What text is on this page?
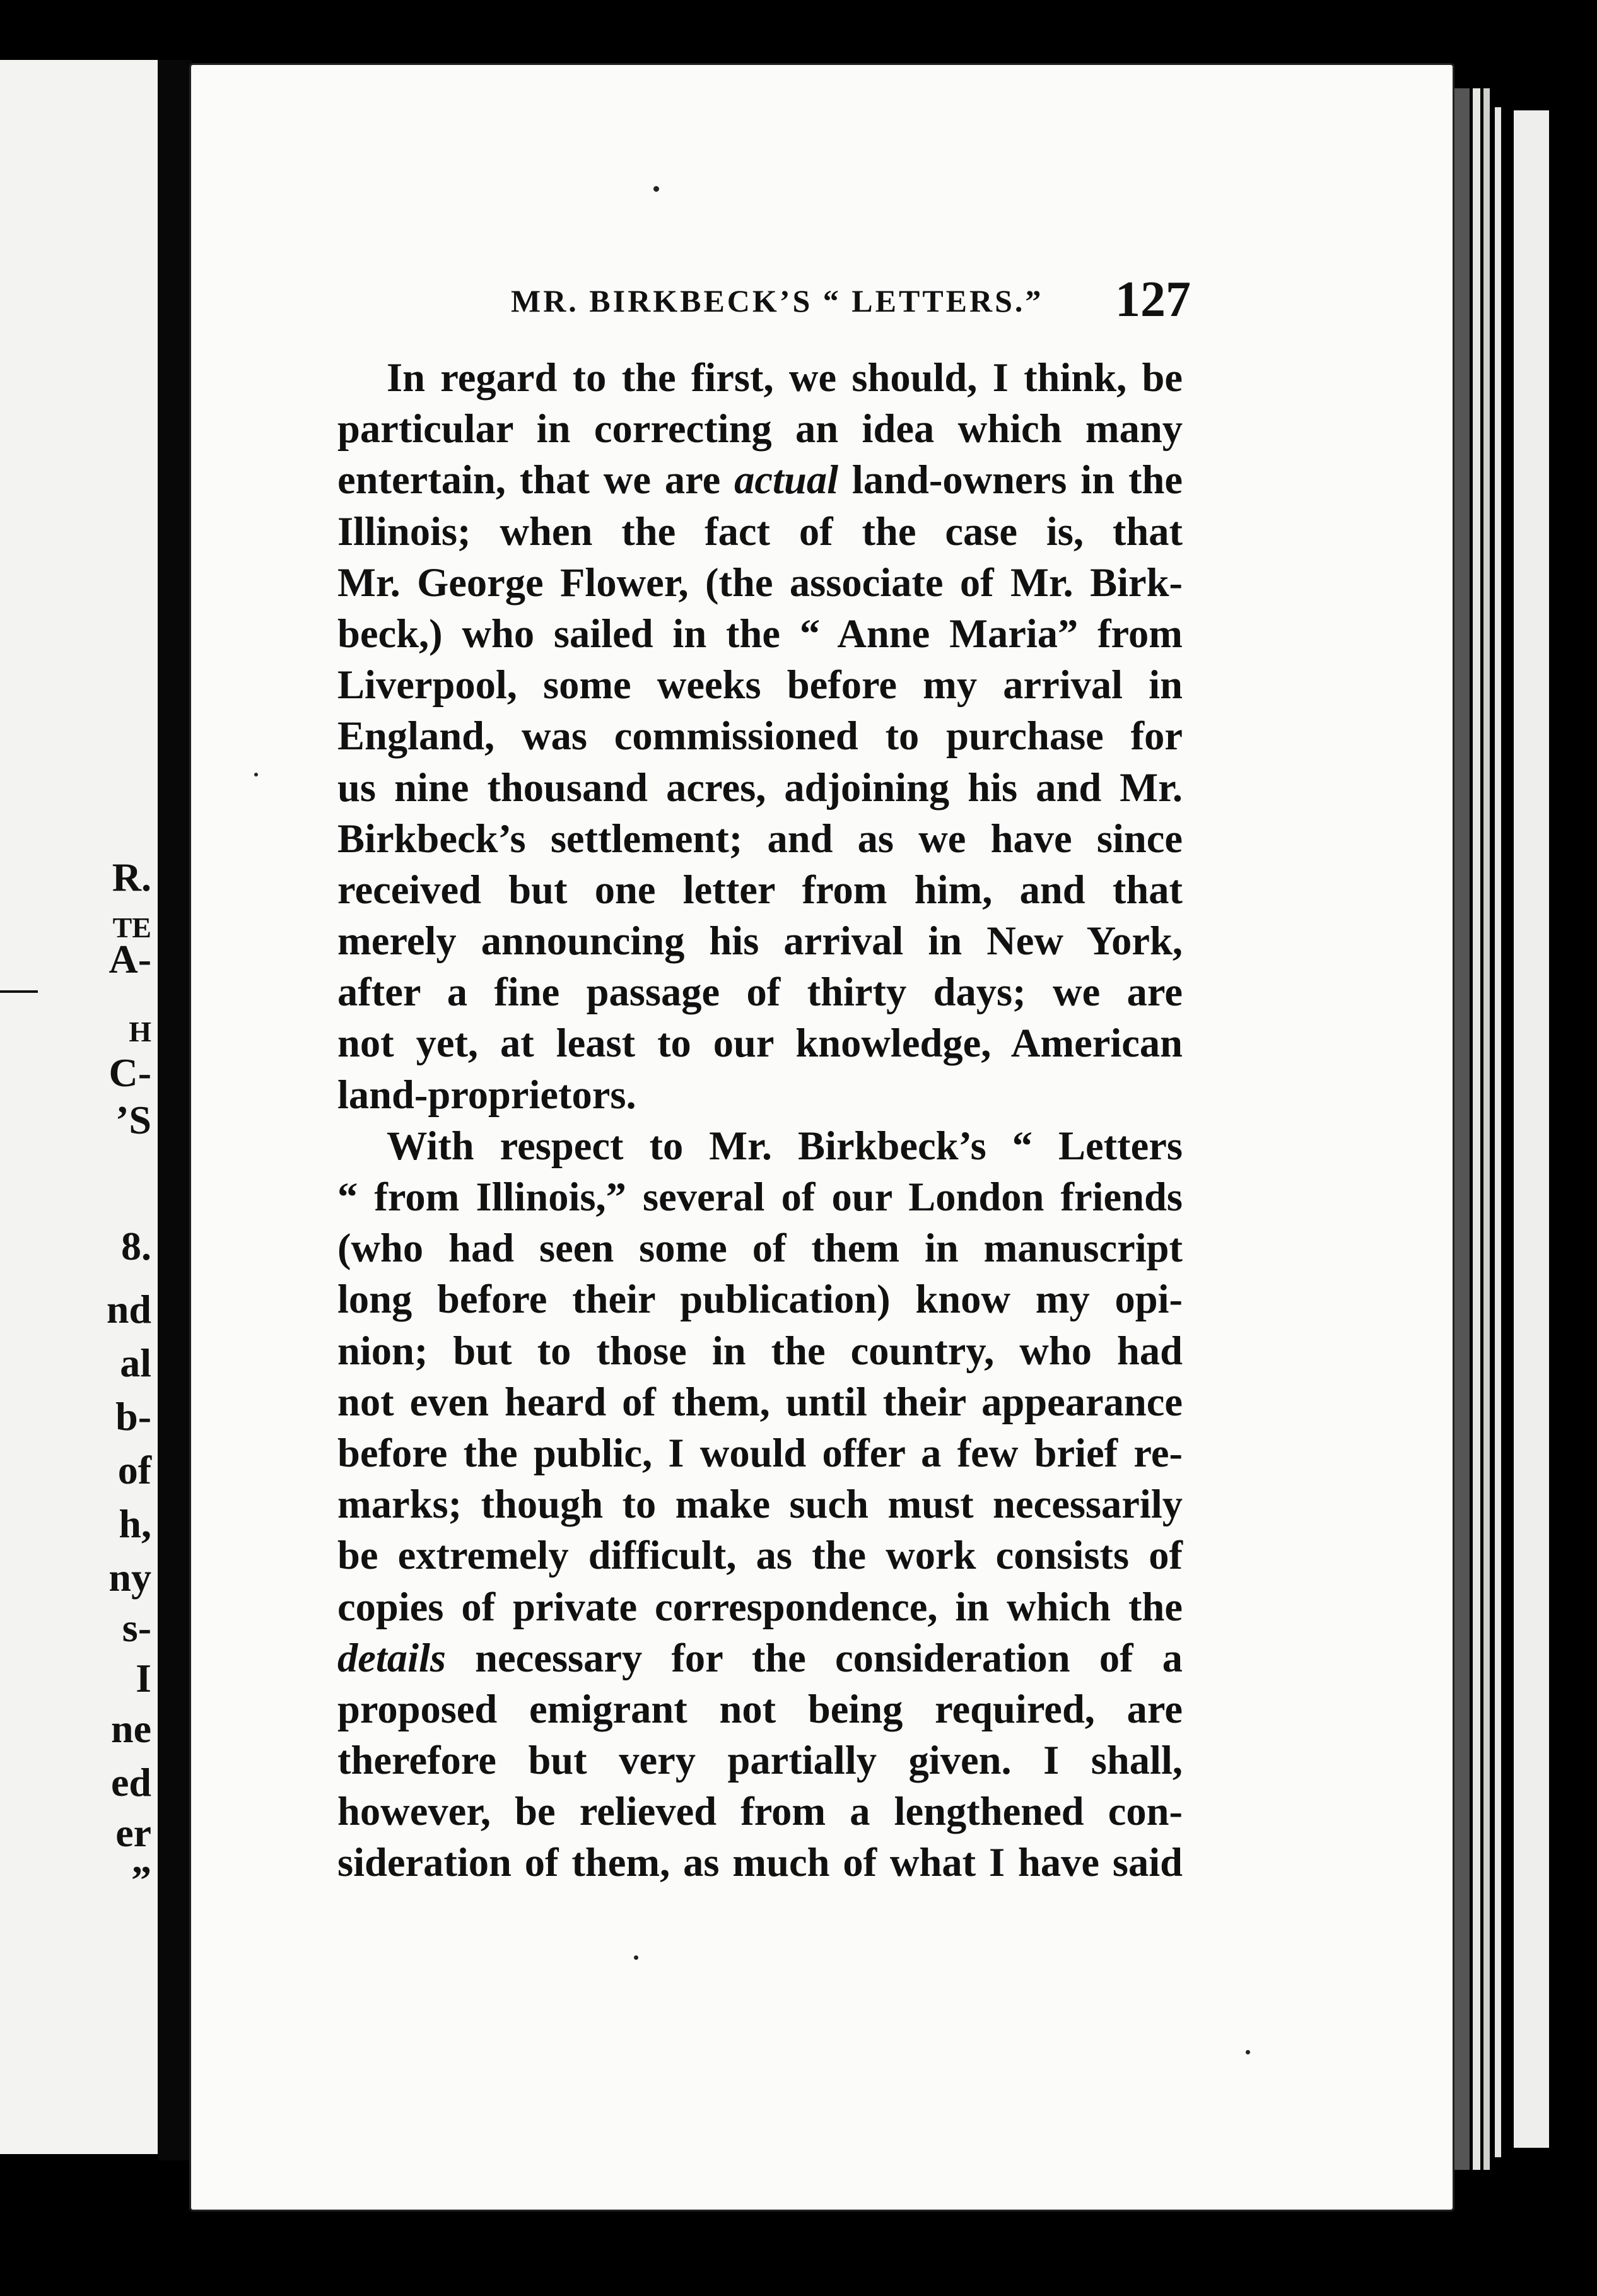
R.
TE
A-
H
C-
’S
8.
nd
al
b-
of
h,
ny
s-
I
ne
ed
er
”
MR. BIRKBECK’S “ LETTERS.” 127
In regard to the first, we should, I think, be
particular in correcting an idea which many
entertain, that we are actual land-owners in the
Illinois; when the fact of the case is, that
Mr. George Flower, (the associate of Mr. Birk-
beck,) who sailed in the “ Anne Maria” from
Liverpool, some weeks before my arrival in
England, was commissioned to purchase for
us nine thousand acres, adjoining his and Mr.
Birkbeck’s settlement; and as we have since
received but one letter from him, and that
merely announcing his arrival in New York,
after a fine passage of thirty days; we are
not yet, at least to our knowledge, American
land-proprietors.
With respect to Mr. Birkbeck’s “ Letters
“ from Illinois,” several of our London friends
(who had seen some of them in manuscript
long before their publication) know my opi-
nion; but to those in the country, who had
not even heard of them, until their appearance
before the public, I would offer a few brief re-
marks; though to make such must necessarily
be extremely difficult, as the work consists of
copies of private correspondence, in which the
details necessary for the consideration of a
proposed emigrant not being required, are
therefore but very partially given. I shall,
however, be relieved from a lengthened con-
sideration of them, as much of what I have said
